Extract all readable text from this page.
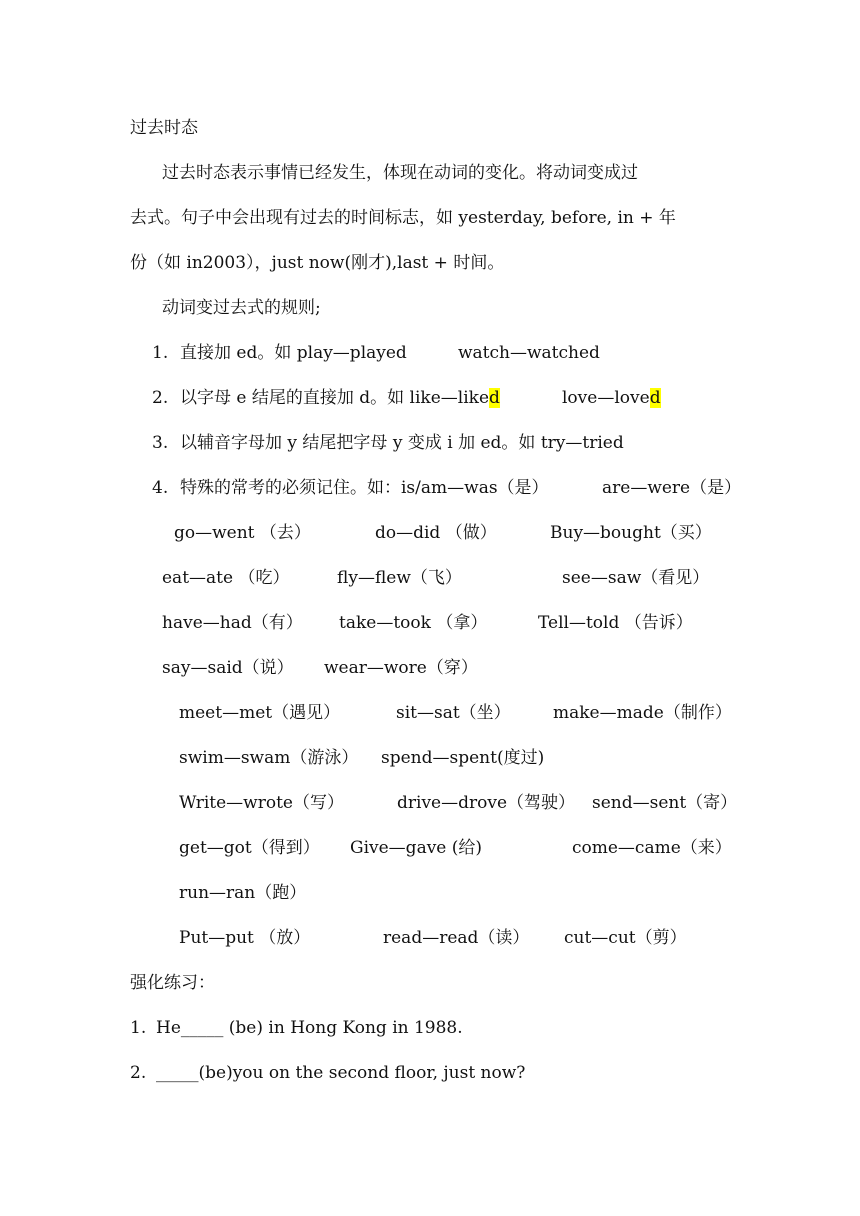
过去时态
过去时态表示事情已经发生，体现在动词的变化。将动词变成过
去式。句子中会出现有过去的时间标志，如 yesterday, before, in + 年
份（如 in2003），just now(刚才),last + 时间。
动词变过去式的规则;
1. 直接加 ed。如 play—played	watch—watched
2. 以字母 e 结尾的直接加 d。如 like—liked	love—loved
3. 以辅音字母加 y 结尾把字母 y 变成 i 加 ed。如 try—tried
4. 特殊的常考的必须记住。如：is/am—was（是）	are—were（是）
go—went （去）	do—did （做）	Buy—bought（买）
eat—ate （吃）	fly—flew（飞）	see—saw（看见）
have—had（有） take—took （拿）	Tell—told （告诉）
say—said（说） wear—wore（穿）
meet—met（遇见）	sit—sat（坐） make—made（制作）
swim—swam（游泳） spend—spent(度过)
Write—wrote（写）	drive—drove（驾驶） send—sent（寄）
get—got（得到） Give—gave (给)	come—came（来）
run—ran（跑）
Put—put （放）	read—read（读） cut—cut（剪）
强化练习：
1. He_____ (be) in Hong Kong in 1988.
2. _____(be)you on the second floor, just now?
